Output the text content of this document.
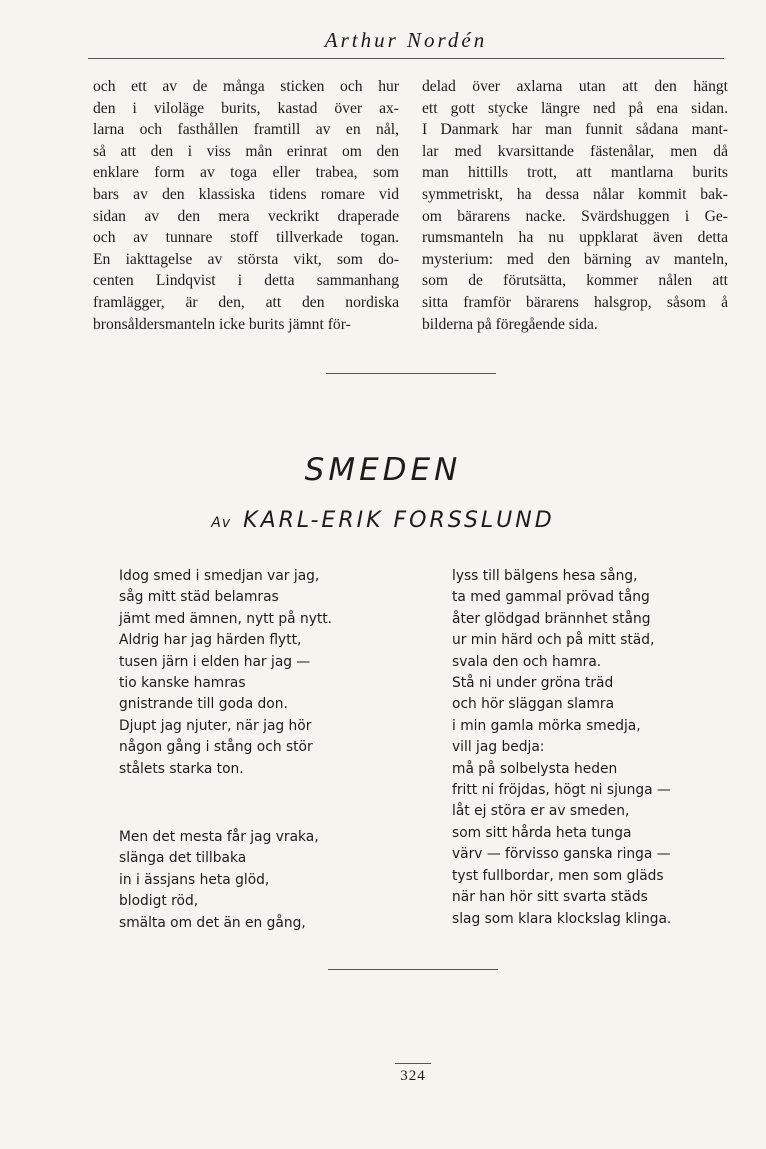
Arthur Nordén
och ett av de många sticken och hur
den i viloläge burits, kastad över ax-
larna och fasthållen framtill av en nål,
så att den i viss mån erinrat om den
enklare form av toga eller trabea, som
bars av den klassiska tidens romare vid
sidan av den mera veckrikt draperade
och av tunnare stoff tillverkade togan.
En iakttagelse av största vikt, som do-
centen Lindqvist i detta sammanhang
framlägger, är den, att den nordiska
bronsåldersmanteln icke burits jämnt för-
delad över axlarna utan att den hängt
ett gott stycke längre ned på ena sidan.
I Danmark har man funnit sådana mant-
lar med kvarsittande fästenålar, men då
man hittills trott, att mantlarna burits
symmetriskt, ha dessa nålar kommit bak-
om bärarens nacke. Svärdshuggen i Ge-
rumsmanteln ha nu uppklarat även detta
mysterium: med den bärning av manteln,
som de förutsätta, kommer nålen att
sitta framför bärarens halsgrop, såsom å
bilderna på föregående sida.
SMEDEN

Av KARL-ERIK FORSSLUND

Idog smed i smedjan var jag,
såg mitt städ belamras
jämt med ämnen, nytt på nytt.
Aldrig har jag härden flytt,
tusen järn i elden har jag —
tio kanske hamras
gnistrande till goda don.
Djupt jag njuter, när jag hör
någon gång i stång och stör
stålets starka ton.
Men det mesta får jag vraka,
slänga det tillbaka
in i ässjans heta glöd,
blodigt röd,
smälta om det än en gång,
lyss till bälgens hesa sång,
ta med gammal prövad tång
åter glödgad brännhet stång
ur min härd och på mitt städ,
svala den och hamra.
Stå ni under gröna träd
och hör släggan slamra
i min gamla mörka smedja,
vill jag bedja:
må på solbelysta heden
fritt ni fröjdas, högt ni sjunga —
låt ej störa er av smeden,
som sitt hårda heta tunga
värv — förvisso ganska ringa —
tyst fullbordar, men som gläds
när han hör sitt svarta städs
slag som klara klockslag klinga.

324
